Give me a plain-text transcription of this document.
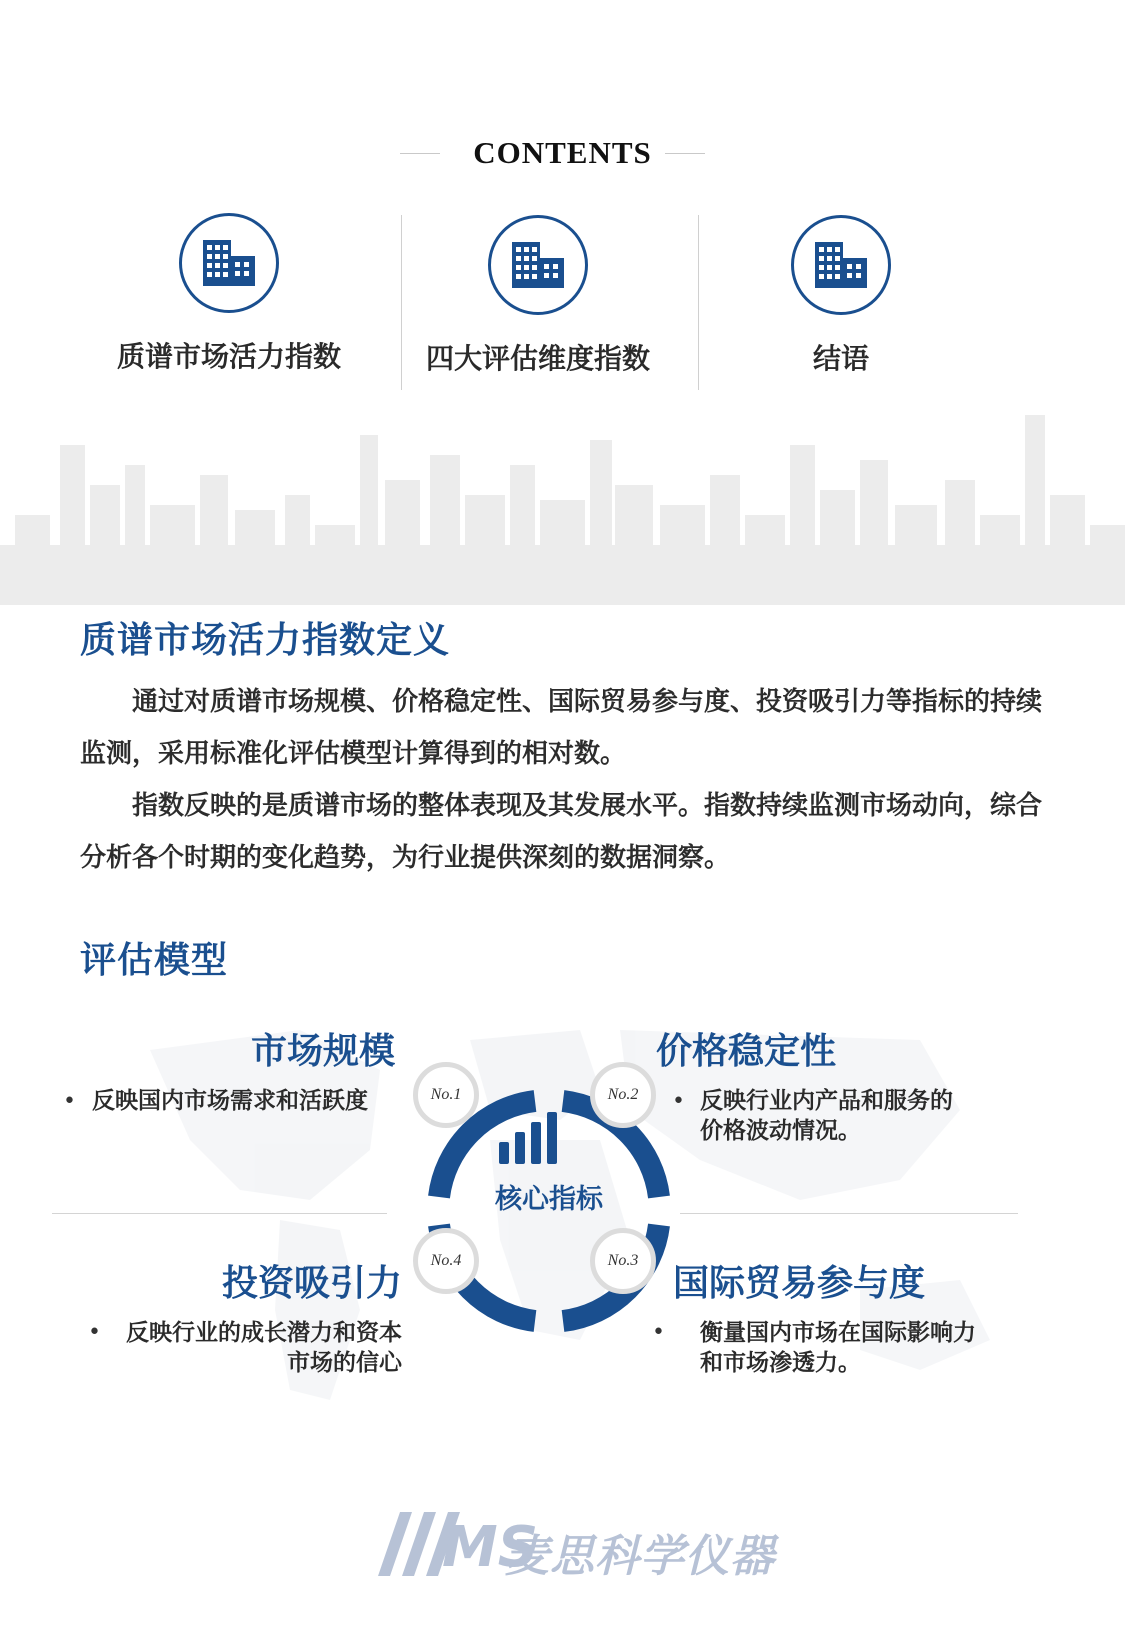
CONTENTS
质谱市场活力指数	四大评估维度指数	结语
质谱市场活力指数定义

通过对质谱市场规模、价格稳定性、国际贸易参与度、投资吸引力等指标的持续监测，采用标准化评估模型计算得到的相对数。

指数反映的是质谱市场的整体表现及其发展水平。指数持续监测市场动向，综合分析各个时期的变化趋势，为行业提供深刻的数据洞察。

评估模型
核心指标
No.1	No.2
No.3
No.4
市场规模
• 反映国内市场需求和活跃度
价格稳定性
• 反映行业内产品和服务的
价格波动情况。
国际贸易参与度
• 衡量国内市场在国际影响力
和市场渗透力。
投资吸引力
• 反映行业的成长潜力和资本
市场的信心
MS
麦思科学仪器
